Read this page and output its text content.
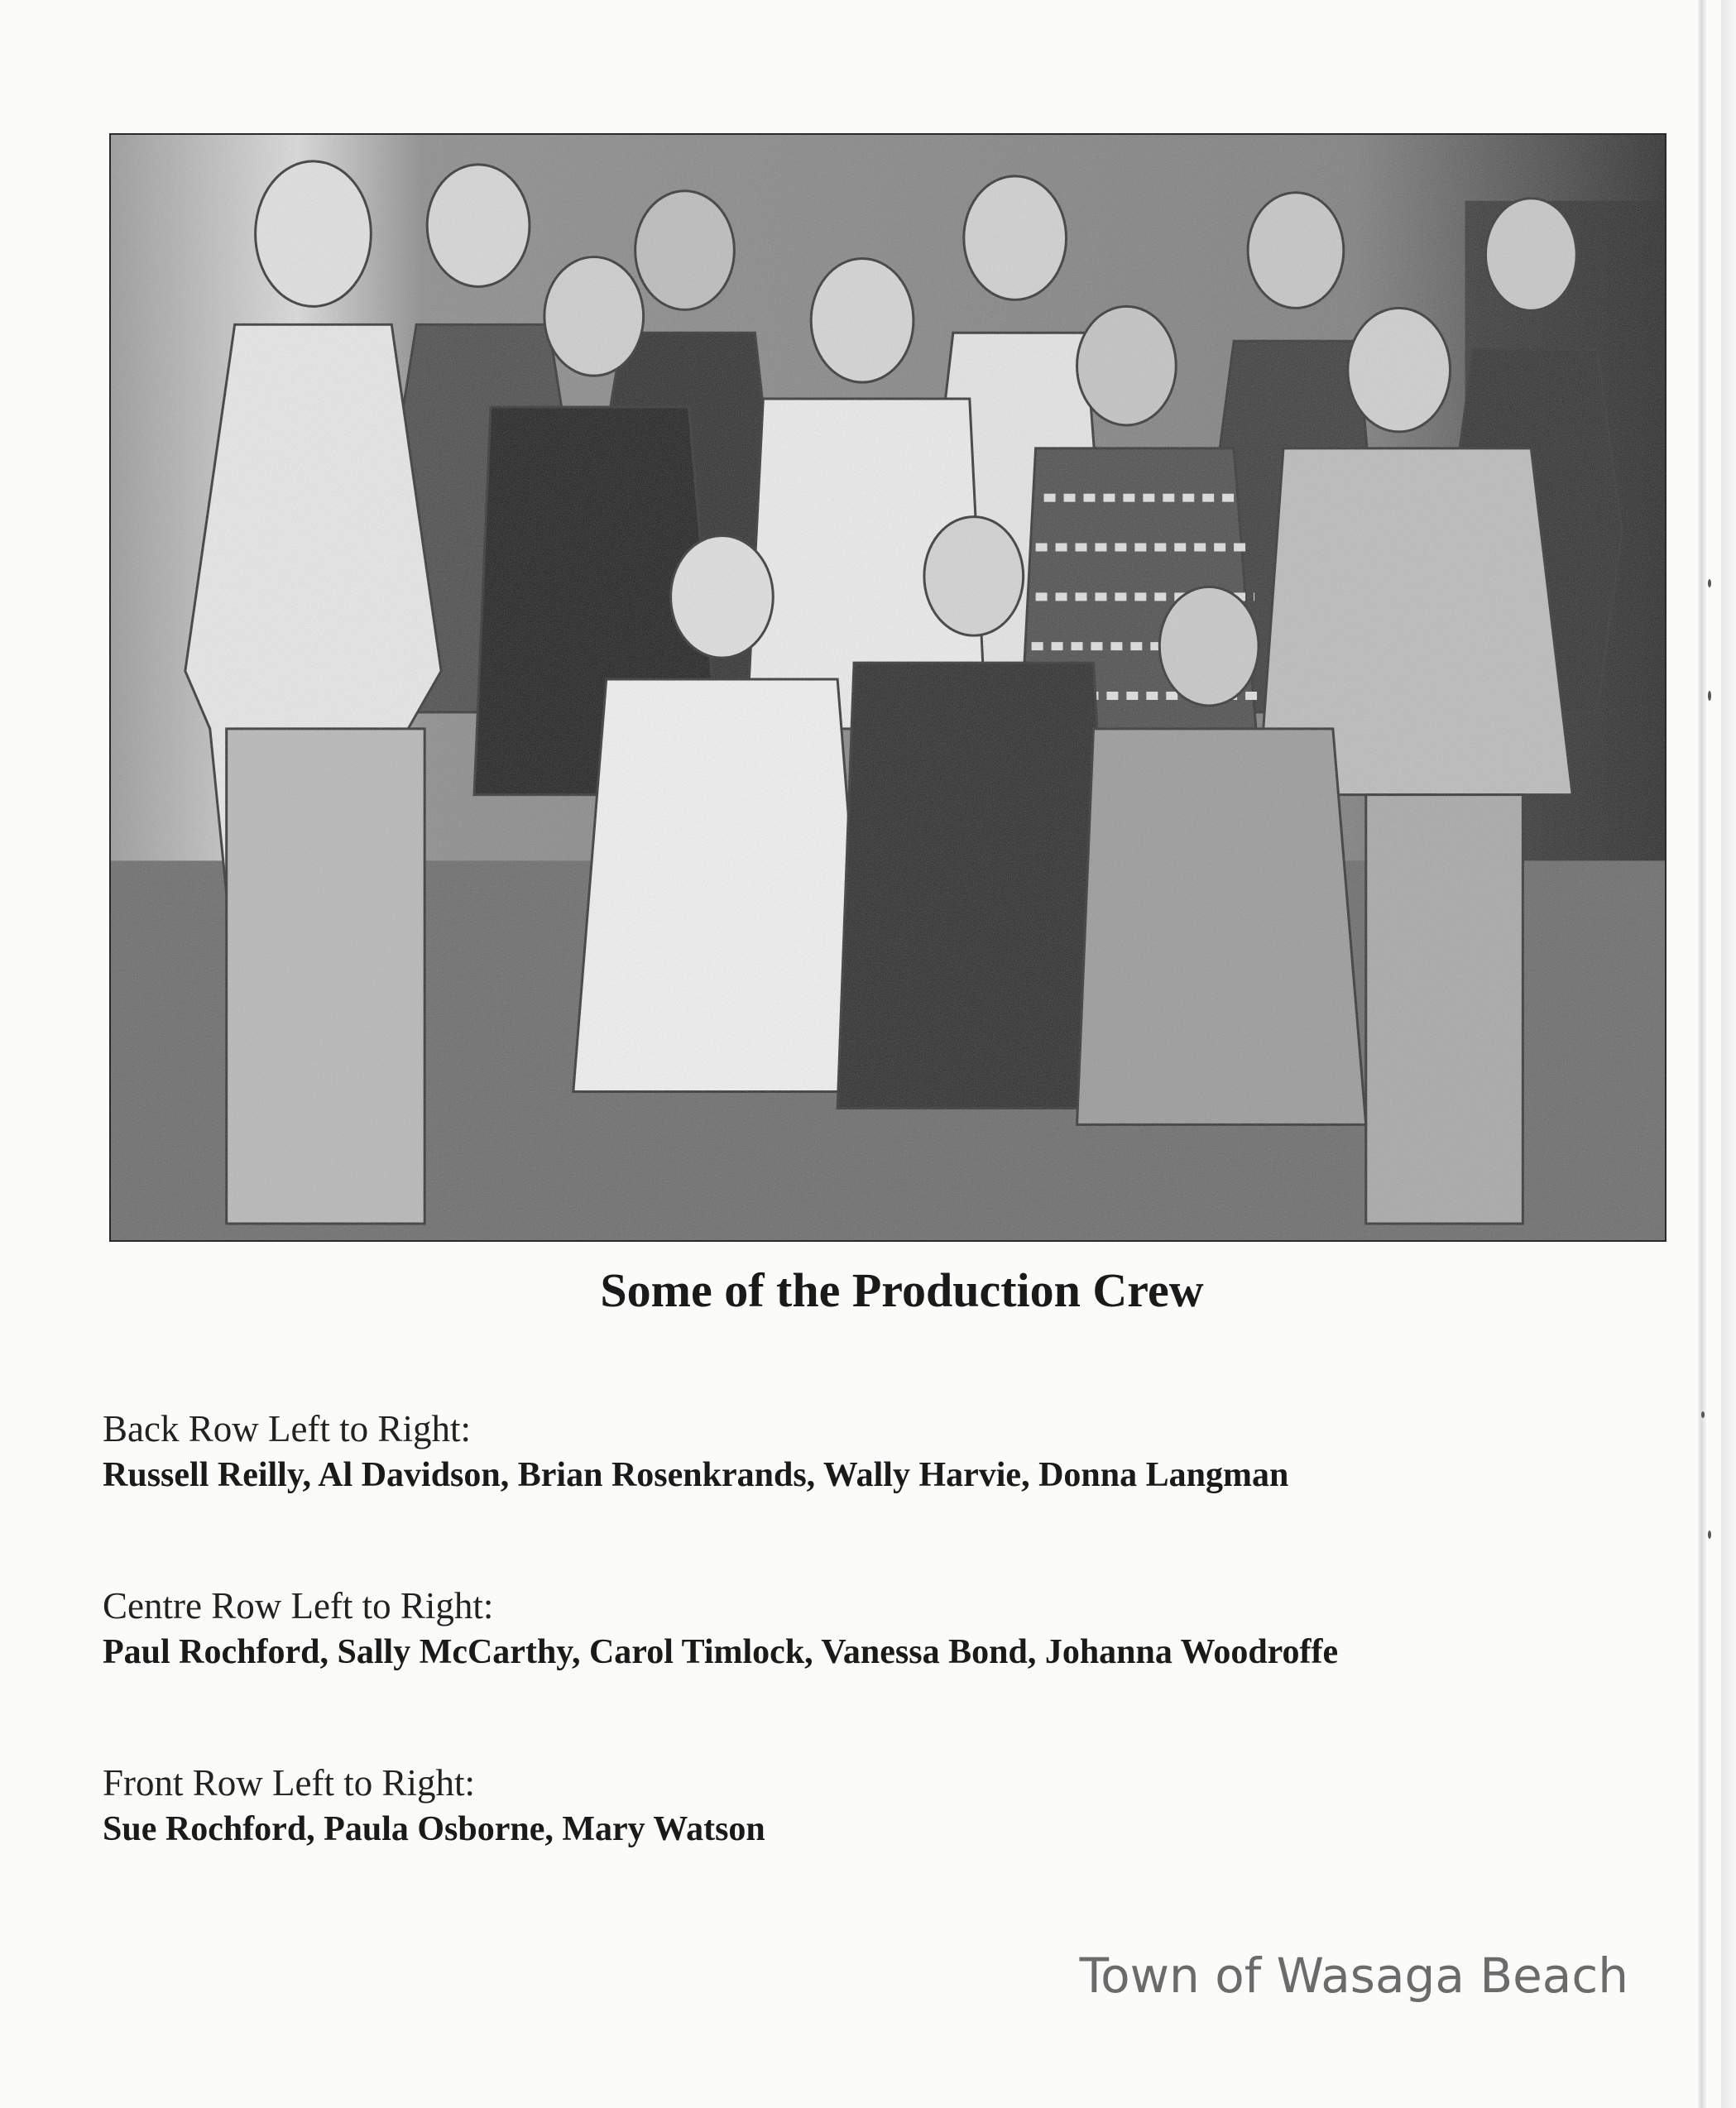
Some of the Production Crew
Back Row Left to Right:
Russell Reilly, Al Davidson, Brian Rosenkrands, Wally Harvie, Donna Langman
Centre Row Left to Right:
Paul Rochford, Sally McCarthy, Carol Timlock, Vanessa Bond, Johanna Woodroffe
Front Row Left to Right:
Sue Rochford, Paula Osborne, Mary Watson
Town of Wasaga Beach
